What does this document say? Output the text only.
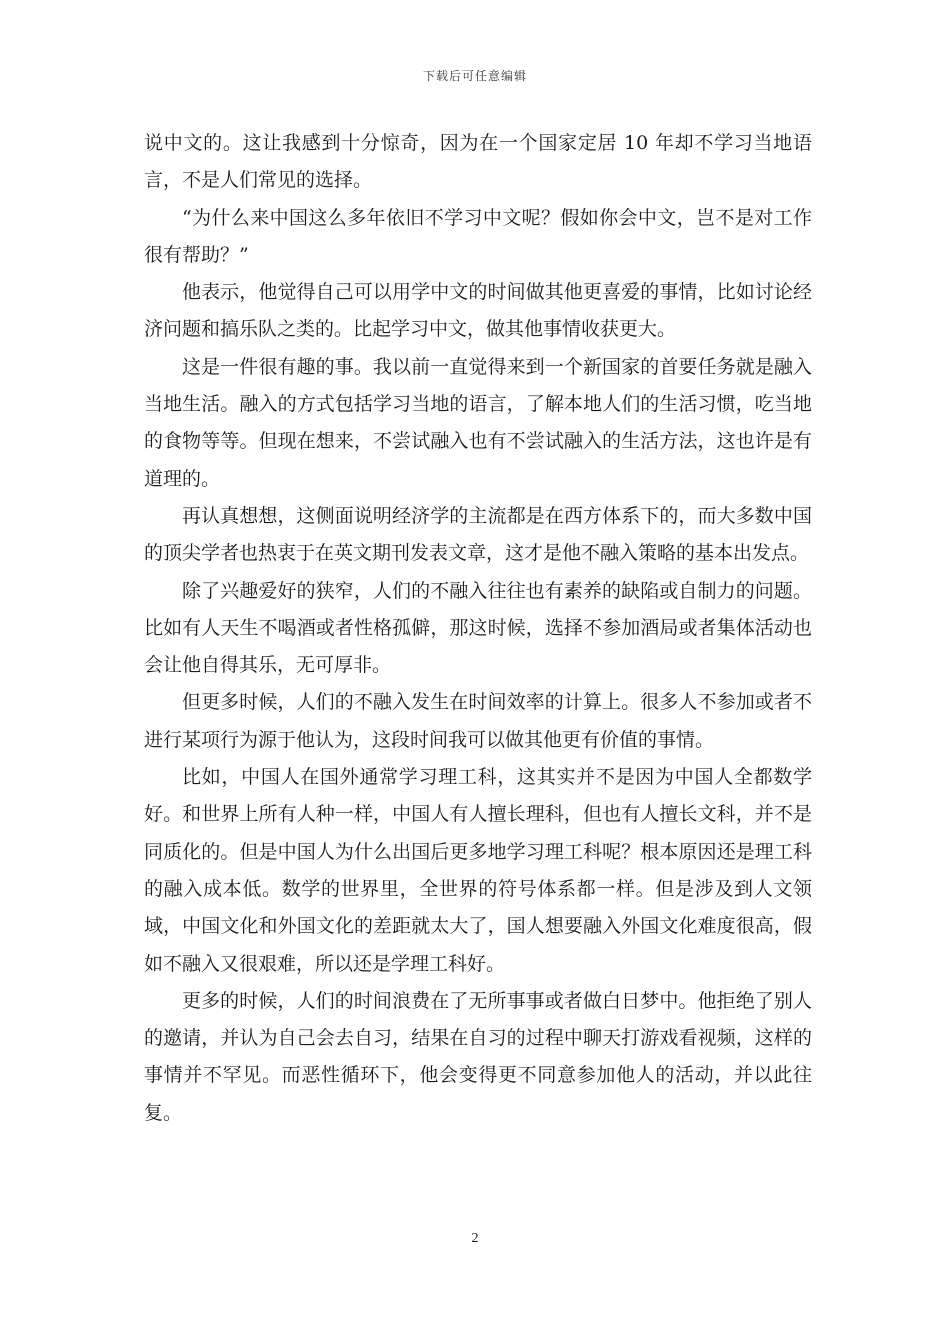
下载后可任意编辑

说中文的。这让我感到十分惊奇，因为在一个国家定居 10 年却不学习当地语言，不是人们常见的选择。

“为什么来中国这么多年依旧不学习中文呢？假如你会中文，岂不是对工作很有帮助？”

他表示，他觉得自己可以用学中文的时间做其他更喜爱的事情，比如讨论经济问题和搞乐队之类的。比起学习中文，做其他事情收获更大。

这是一件很有趣的事。我以前一直觉得来到一个新国家的首要任务就是融入当地生活。融入的方式包括学习当地的语言，了解本地人们的生活习惯，吃当地的食物等等。但现在想来，不尝试融入也有不尝试融入的生活方法，这也许是有道理的。

再认真想想，这侧面说明经济学的主流都是在西方体系下的，而大多数中国的顶尖学者也热衷于在英文期刊发表文章，这才是他不融入策略的基本出发点。

除了兴趣爱好的狭窄，人们的不融入往往也有素养的缺陷或自制力的问题。比如有人天生不喝酒或者性格孤僻，那这时候，选择不参加酒局或者集体活动也会让他自得其乐，无可厚非。

但更多时候，人们的不融入发生在时间效率的计算上。很多人不参加或者不进行某项行为源于他认为，这段时间我可以做其他更有价值的事情。

比如，中国人在国外通常学习理工科，这其实并不是因为中国人全都数学好。和世界上所有人种一样，中国人有人擅长理科，但也有人擅长文科，并不是同质化的。但是中国人为什么出国后更多地学习理工科呢？根本原因还是理工科的融入成本低。数学的世界里，全世界的符号体系都一样。但是涉及到人文领域，中国文化和外国文化的差距就太大了，国人想要融入外国文化难度很高，假如不融入又很艰难，所以还是学理工科好。

更多的时候，人们的时间浪费在了无所事事或者做白日梦中。他拒绝了别人的邀请，并认为自己会去自习，结果在自习的过程中聊天打游戏看视频，这样的事情并不罕见。而恶性循环下，他会变得更不同意参加他人的活动，并以此往复。

2
